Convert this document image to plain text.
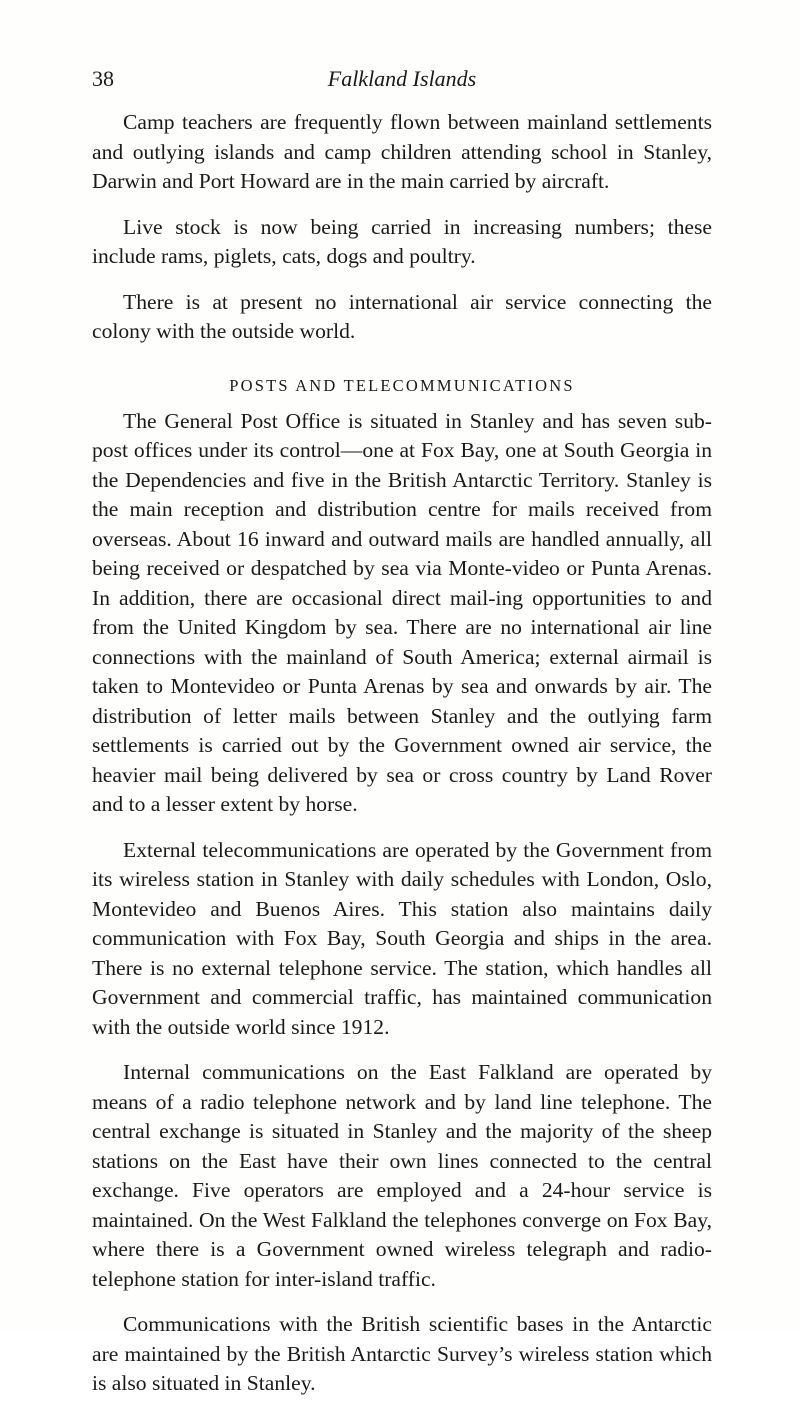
38	Falkland Islands

Camp teachers are frequently flown between mainland settlements and outlying islands and camp children attending school in Stanley, Darwin and Port Howard are in the main carried by aircraft.

Live stock is now being carried in increasing numbers; these include rams, piglets, cats, dogs and poultry.

There is at present no international air service connecting the colony with the outside world.

POSTS AND TELECOMMUNICATIONS

The General Post Office is situated in Stanley and has seven sub-post offices under its control—one at Fox Bay, one at South Georgia in the Dependencies and five in the British Antarctic Territory. Stanley is the main reception and distribution centre for mails received from overseas. About 16 inward and outward mails are handled annually, all being received or despatched by sea via Monte-video or Punta Arenas. In addition, there are occasional direct mail-ing opportunities to and from the United Kingdom by sea. There are no international air line connections with the mainland of South America; external airmail is taken to Montevideo or Punta Arenas by sea and onwards by air. The distribution of letter mails between Stanley and the outlying farm settlements is carried out by the Government owned air service, the heavier mail being delivered by sea or cross country by Land Rover and to a lesser extent by horse.

External telecommunications are operated by the Government from its wireless station in Stanley with daily schedules with London, Oslo, Montevideo and Buenos Aires. This station also maintains daily communication with Fox Bay, South Georgia and ships in the area. There is no external telephone service. The station, which handles all Government and commercial traffic, has maintained communication with the outside world since 1912.

Internal communications on the East Falkland are operated by means of a radio telephone network and by land line telephone. The central exchange is situated in Stanley and the majority of the sheep stations on the East have their own lines connected to the central exchange. Five operators are employed and a 24-hour service is maintained. On the West Falkland the telephones converge on Fox Bay, where there is a Government owned wireless telegraph and radio-telephone station for inter-island traffic.

Communications with the British scientific bases in the Antarctic are maintained by the British Antarctic Survey’s wireless station which is also situated in Stanley.
